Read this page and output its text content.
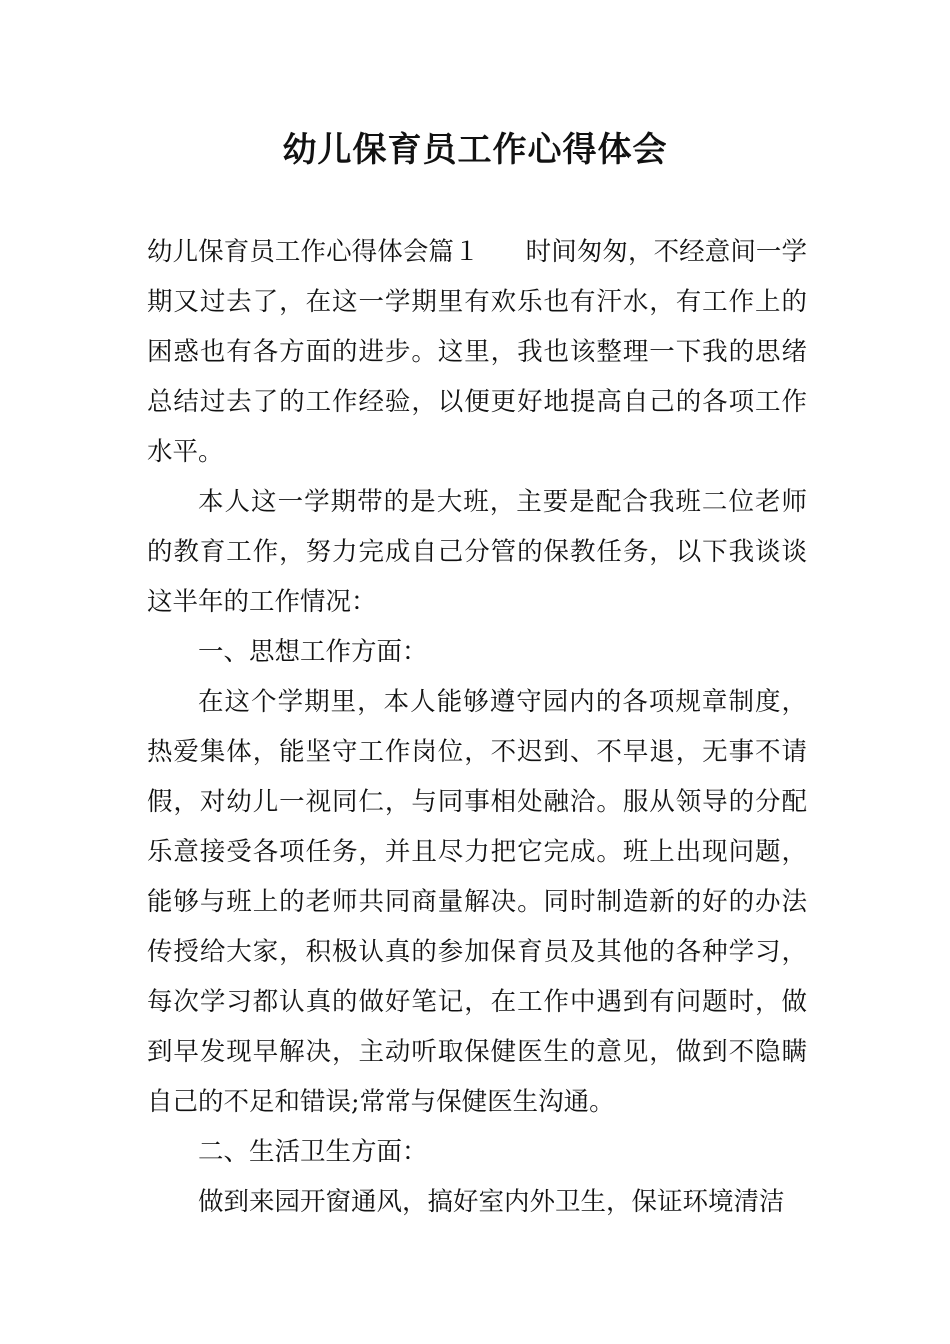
幼儿保育员工作心得体会

幼儿保育员工作心得体会篇１ 时间匆匆，不经意间一学期又过去了，在这一学期里有欢乐也有汗水，有工作上的困惑也有各方面的进步。这里，我也该整理一下我的思绪总结过去了的工作经验，以便更好地提高自己的各项工作水平。

本人这一学期带的是大班，主要是配合我班二位老师的教育工作，努力完成自己分管的保教任务，以下我谈谈这半年的工作情况：

一、思想工作方面：

在这个学期里，本人能够遵守园内的各项规章制度，热爱集体，能坚守工作岗位，不迟到、不早退，无事不请假，对幼儿一视同仁，与同事相处融洽。服从领导的分配乐意接受各项任务，并且尽力把它完成。班上出现问题，能够与班上的老师共同商量解决。同时制造新的好的办法传授给大家，积极认真的参加保育员及其他的各种学习，每次学习都认真的做好笔记，在工作中遇到有问题时，做到早发现早解决，主动听取保健医生的意见，做到不隐瞒自己的不足和错误;常常与保健医生沟通。

二、生活卫生方面：

做到来园开窗通风，搞好室内外卫生，保证环境清洁
